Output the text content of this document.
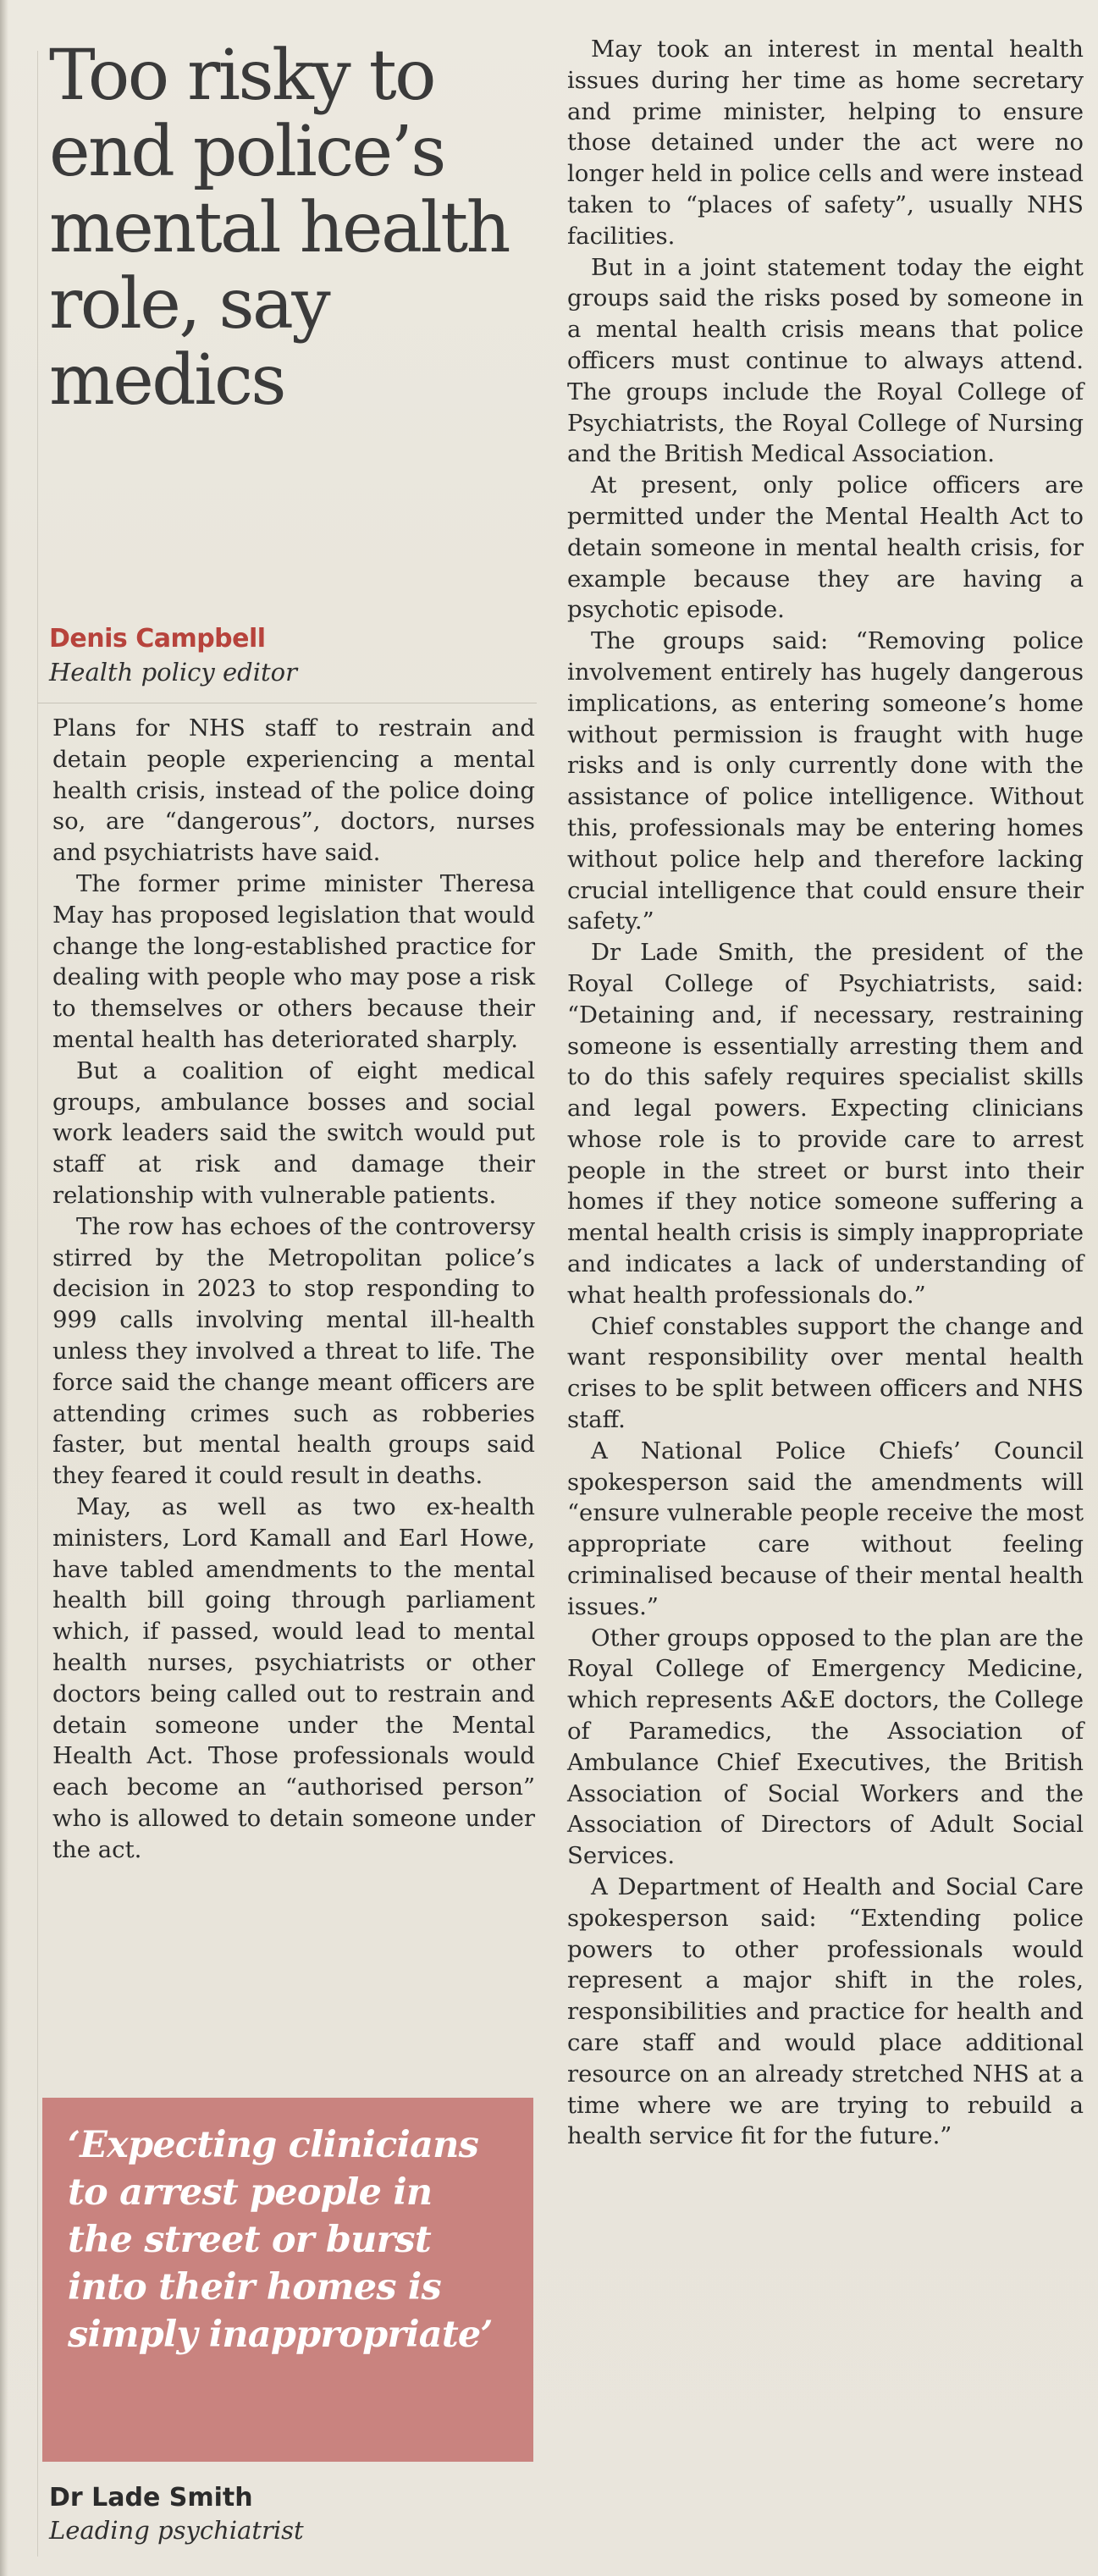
Too risky to end police’s mental health role, say medics
Denis Campbell
Health policy editor

Plans for NHS staff to restrain and detain people experiencing a mental health crisis, instead of the police doing so, are “dangerous”, doctors, nurses and psychiatrists have said.

The former prime minister Theresa May has proposed legislation that would change the long-established practice for dealing with people who may pose a risk to themselves or others because their mental health has deteriorated sharply.

But a coalition of eight medical groups, ambulance bosses and social work leaders said the switch would put staff at risk and damage their relationship with vulnerable patients.

The row has echoes of the controversy stirred by the Metropolitan police’s decision in 2023 to stop responding to 999 calls involving mental ill-health unless they involved a threat to life. The force said the change meant officers are attending crimes such as robberies faster, but mental health groups said they feared it could result in deaths.

May, as well as two ex-health ministers, Lord Kamall and Earl Howe, have tabled amendments to the mental health bill going through parliament which, if passed, would lead to mental health nurses, psychiatrists or other doctors being called out to restrain and detain someone under the Mental Health Act. Those professionals would each become an “authorised person” who is allowed to detain someone under the act.

‘Expecting clinicians to arrest people in the street or burst into their homes is simply inappropriate’
Dr Lade Smith
Leading psychiatrist

May took an interest in mental health issues during her time as home secretary and prime minister, helping to ensure those detained under the act were no longer held in police cells and were instead taken to “places of safety”, usually NHS facilities.

But in a joint statement today the eight groups said the risks posed by someone in a mental health crisis means that police officers must continue to always attend. The groups include the Royal College of Psychiatrists, the Royal College of Nursing and the British Medical Association.

At present, only police officers are permitted under the Mental Health Act to detain someone in mental health crisis, for example because they are having a psychotic episode.

The groups said: “Removing police involvement entirely has hugely dangerous implications, as entering someone’s home without permission is fraught with huge risks and is only currently done with the assistance of police intelligence. Without this, professionals may be entering homes without police help and therefore lacking crucial intelligence that could ensure their safety.”

Dr Lade Smith, the president of the Royal College of Psychiatrists, said: “Detaining and, if necessary, restraining someone is essentially arresting them and to do this safely requires specialist skills and legal powers. Expecting clinicians whose role is to provide care to arrest people in the street or burst into their homes if they notice someone suffering a mental health crisis is simply inappropriate and indicates a lack of understanding of what health professionals do.”

Chief constables support the change and want responsibility over mental health crises to be split between officers and NHS staff.

A National Police Chiefs’ Council spokesperson said the amendments will “ensure vulnerable people receive the most appropriate care without feeling criminalised because of their mental health issues.”

Other groups opposed to the plan are the Royal College of Emergency Medicine, which represents A&E doctors, the College of Paramedics, the Association of Ambulance Chief Executives, the British Association of Social Workers and the Association of Directors of Adult Social Services.

A Department of Health and Social Care spokesperson said: “Extending police powers to other professionals would represent a major shift in the roles, responsibilities and practice for health and care staff and would place additional resource on an already stretched NHS at a time where we are trying to rebuild a health service fit for the future.”
